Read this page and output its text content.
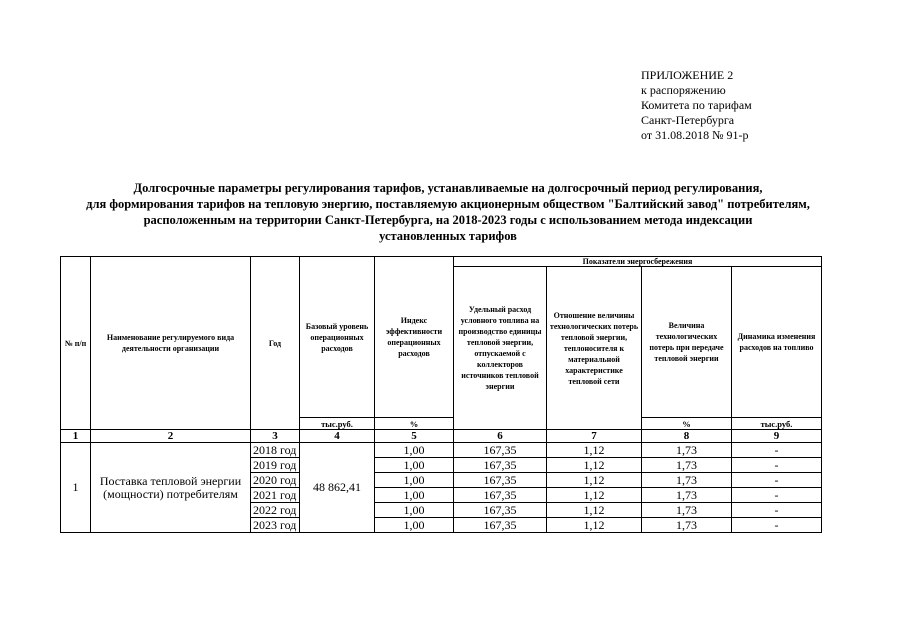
ПРИЛОЖЕНИЕ 2
к распоряжению
Комитета по тарифам
Санкт-Петербурга
от 31.08.2018 № 91-р
Долгосрочные параметры регулирования тарифов, устанавливаемые на долгосрочный период регулирования,
для формирования тарифов на тепловую энергию, поставляемую акционерным обществом "Балтийский завод" потребителям,
расположенным на территории Санкт-Петербурга, на 2018-2023 годы с использованием метода индексации
установленных тарифов
№ п/п	Наименование регулируемого вида деятельности организации	Год	Базовый уровень операционных расходов	Индекс эффективности операционных расходов	Показатели энергосбережения			
					Удельный расход условного топлива на производство единицы тепловой энергии, отпускаемой с коллекторов источников тепловой энергии	Отношение величины технологических потерь тепловой энергии, теплоносителя к материальной характеристике тепловой сети	Величина технологических потерь при передаче тепловой энергии	Динамика изменения расходов на топливо
			тыс.руб.	%			%	тыс.руб.
1	2	3	4	5	6	7	8	9
1	Поставка тепловой энергии (мощности) потребителям	2018 год	48 862,41	1,00	167,35	1,12	1,73	-
		2019 год		1,00	167,35	1,12	1,73	-
		2020 год		1,00	167,35	1,12	1,73	-
		2021 год		1,00	167,35	1,12	1,73	-
		2022 год		1,00	167,35	1,12	1,73	-
		2023 год		1,00	167,35	1,12	1,73	-
